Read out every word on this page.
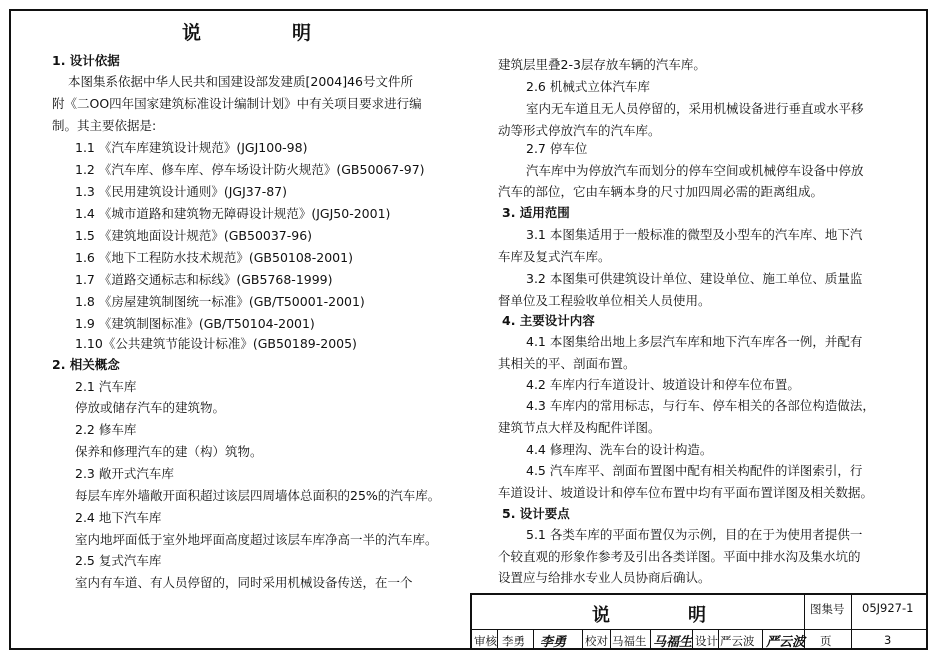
说　明
1. 设计依据
本图集系依据中华人民共和国建设部发建质[2004]46号文件所
附《二OO四年国家建筑标准设计编制计划》中有关项目要求进行编
制。其主要依据是:
1.1 《汽车库建筑设计规范》(JGJ100-98)
1.2 《汽车库、修车库、停车场设计防火规范》(GB50067-97)
1.3 《民用建筑设计通则》(JGJ37-87)
1.4 《城市道路和建筑物无障碍设计规范》(JGJ50-2001)
1.5 《建筑地面设计规范》(GB50037-96)
1.6 《地下工程防水技术规范》(GB50108-2001)
1.7 《道路交通标志和标线》(GB5768-1999)
1.8 《房屋建筑制图统一标准》(GB/T50001-2001)
1.9 《建筑制图标准》(GB/T50104-2001)
1.10《公共建筑节能设计标准》(GB50189-2005)
2. 相关概念
2.1 汽车库
停放或储存汽车的建筑物。
2.2 修车库
保养和修理汽车的建（构）筑物。
2.3 敞开式汽车库
每层车库外墙敞开面积超过该层四周墙体总面积的25%的汽车库。
2.4 地下汽车库
室内地坪面低于室外地坪面高度超过该层车库净高一半的汽车库。
2.5 复式汽车库
室内有车道、有人员停留的，同时采用机械设备传送，在一个
建筑层里叠2-3层存放车辆的汽车库。
2.6 机械式立体汽车库
室内无车道且无人员停留的，采用机械设备进行垂直或水平移
动等形式停放汽车的汽车库。
2.7 停车位
汽车库中为停放汽车而划分的停车空间或机械停车设备中停放
汽车的部位，它由车辆本身的尺寸加四周必需的距离组成。
3. 适用范围
3.1 本图集适用于一般标准的微型及小型车的汽车库、地下汽
车库及复式汽车库。
3.2 本图集可供建筑设计单位、建设单位、施工单位、质量监
督单位及工程验收单位相关人员使用。
4. 主要设计内容
4.1 本图集给出地上多层汽车库和地下汽车库各一例，并配有
其相关的平、剖面布置。
4.2 车库内行车道设计、坡道设计和停车位布置。
4.3 车库内的常用标志，与行车、停车相关的各部位构造做法，
建筑节点大样及构配件详图。
4.4 修理沟、洗车台的设计构造。
4.5 汽车库平、剖面布置图中配有相关构配件的详图索引，行
车道设计、坡道设计和停车位布置中均有平面布置详图及相关数据。
5. 设计要点
5.1 各类车库的平面布置仅为示例，目的在于为使用者提供一
个较直观的形象作参考及引出各类详图。平面中排水沟及集水坑的
设置应与给排水专业人员协商后确认。
说　明	图集号 05J927-1
审核 李勇 李勇 校对 马福生 马福生 设计 严云波 严云波 页	3
